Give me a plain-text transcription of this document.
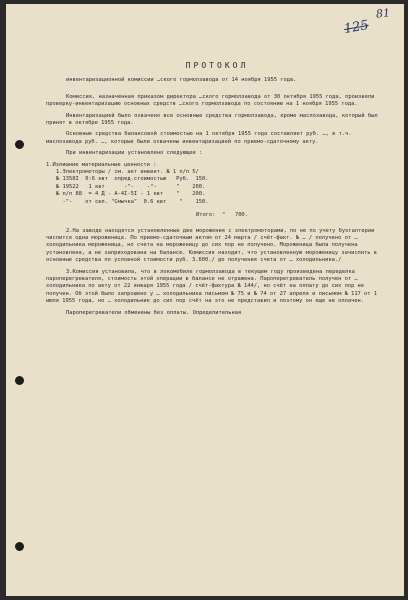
81
125
ПРОТОКОЛ
инвентаризационной комиссии …ского гормолзавода от 14 ноября 1955 года.

Комиссия, назначенная приказом директора …ского гормолзавода от 30 октября 1955 года, произвели проверку-инвентаризацию основных средств …ского гормолзавода по состоянию на 1 ноября 1955 года.

Инвентаризацией было охвачено все основные средства гормолзавода, кроме маслозавода, который был принят в октябре 1955 года.

Основные средства балансовой стоимостью на 1 октября 1955 года составляет руб. …, в т.ч. маслозавода руб. …, которые были охвачены инвентаризацией по приемо-сдаточному акту.

При инвентаризации установлено следующее :

1.Излишние материальные ценности :
1.Электромоторы / см. акт инвент. № 1 п/п 5/
№ 1358I  0:6 квт  опред.стоимостью   Руб.  150.
№ 19522   1 квт      -"-    -"-      "    200.
№ п/п 88  = 4 Д - А-4I-5I - 1 квт    "    200.
-"-    от сел. "Смычка"  0.6 квт    "    150.
Итого:  "   700.

2.На заводе находятся установленные две морожения с электромоторами, по не по учету бухгалтерии числится одна мороженица. По приемо-сдаточным актом от 24 марта / счёт-факт. № … / получено от … холодильника мороженица, но счета на мороженицу до сих пор не получено. Мороженица была получена установлена, а не заприходована на балансе. Комиссия находит, что установленную мороженицу зачислить в основные средства по условной стоимости руб. 3.600./ до получения счета от … холодильника./

3.Комиссия установила, что в локомобиле гормолзавода в текущем году произведена переделка пароперегревателя, стоимость этой операции в балансе не отражена. Пароперегреватель получен от … холодильника по акту от 22 января 1955 года / счёт-фактура № 144/, но счёт на оплату до сих пор не получен. Об этой было запрошено у … холодильника письмом № 75 и № 74 от 27 апреля и письмом № 117 от 1 июля 1955 года, но … холодильник до сих пор счёт на это не представил и поэтому он еще не оплачен.

Пароперегреватели обменены без оплаты. Определительная
